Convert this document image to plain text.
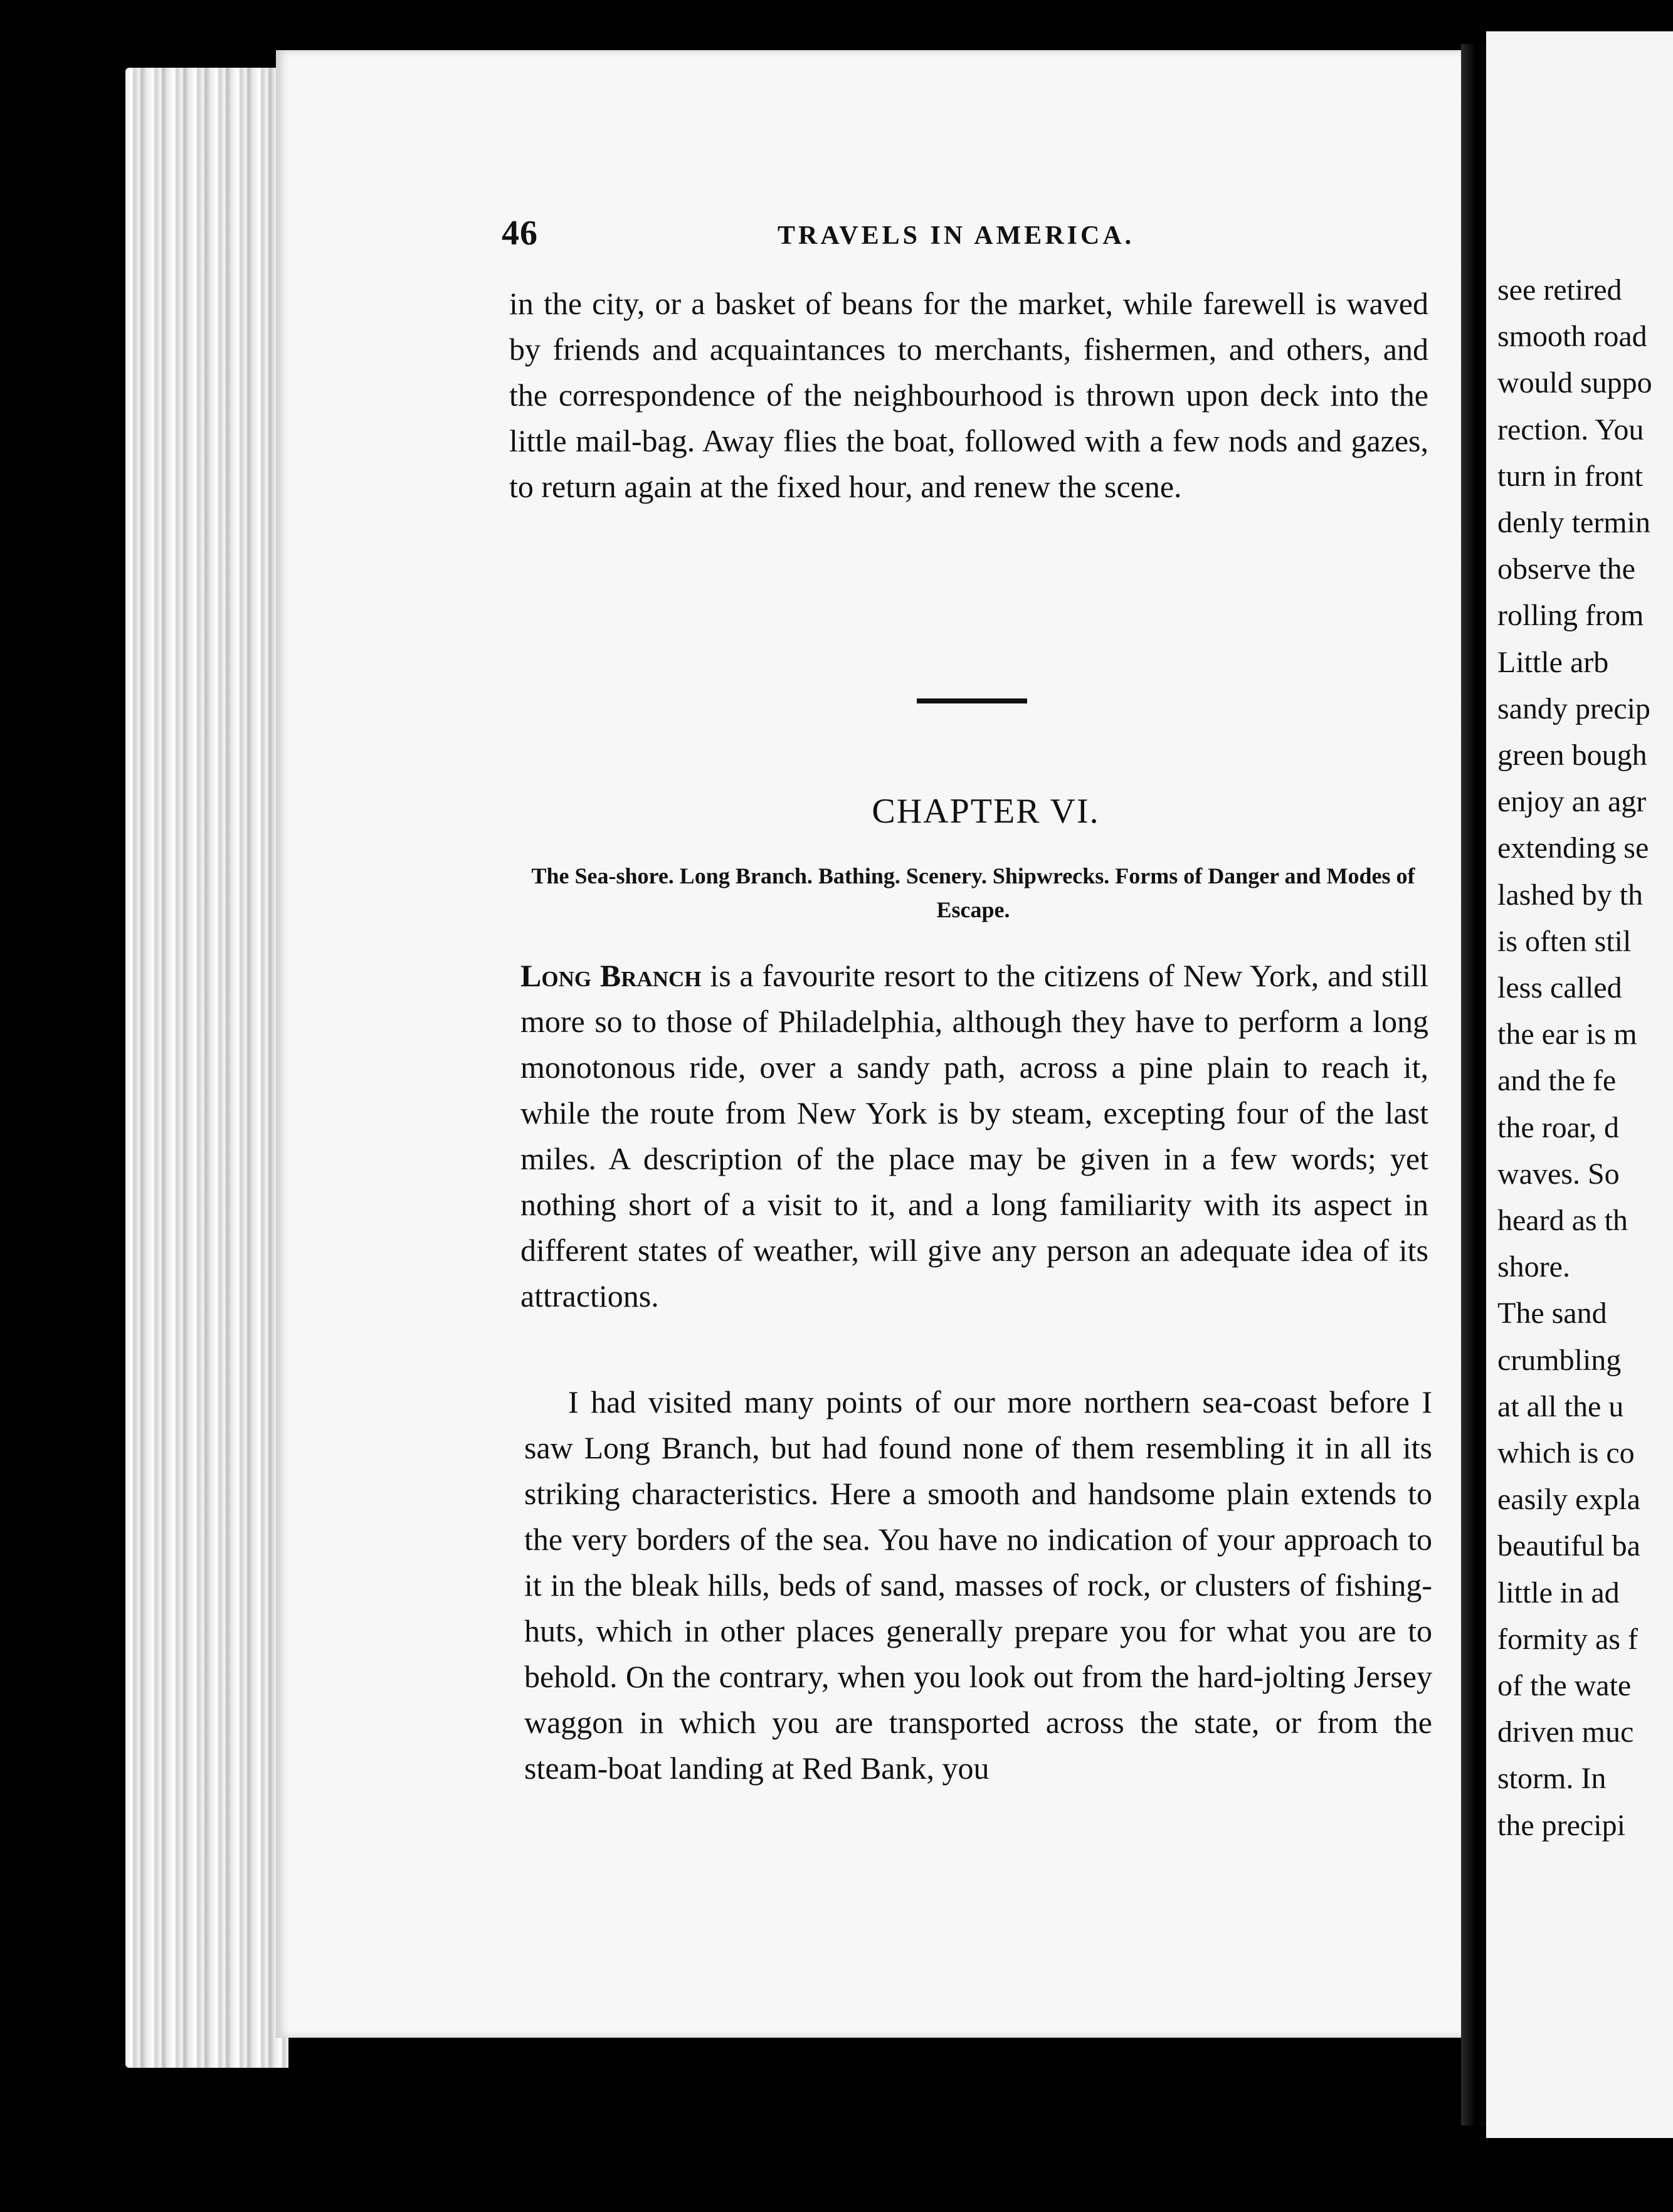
see retired
smooth road
would suppo
rection. You
turn in front
denly termin
observe the
rolling from
Little arb
sandy precip
green bough
enjoy an agr
extending se
lashed by th
is often stil
less called
the ear is m
and the fe
the roar, d
waves. So
heard as th
shore.
The sand
crumbling
at all the u
which is co
easily expla
beautiful ba
little in ad
formity as f
of the wate
driven muc
storm. In
the precipi
46	TRAVELS IN AMERICA.
in the city, or a basket of beans for the market, while farewell is waved by friends and acquaintances to merchants, fishermen, and others, and the correspondence of the neighbourhood is thrown upon deck into the little mail-bag. Away flies the boat, followed with a few nods and gazes, to return again at the fixed hour, and renew the scene.
CHAPTER VI.
The Sea-shore. Long Branch. Bathing. Scenery. Shipwrecks. Forms of Danger and Modes of Escape.
Long Branch is a favourite resort to the citizens of New York, and still more so to those of Philadelphia, although they have to perform a long monotonous ride, over a sandy path, across a pine plain to reach it, while the route from New York is by steam, excepting four of the last miles. A description of the place may be given in a few words; yet nothing short of a visit to it, and a long familiarity with its aspect in different states of weather, will give any person an adequate idea of its attractions.
I had visited many points of our more northern sea-coast before I saw Long Branch, but had found none of them resembling it in all its striking characteristics. Here a smooth and handsome plain extends to the very borders of the sea. You have no indication of your approach to it in the bleak hills, beds of sand, masses of rock, or clusters of fishing-huts, which in other places generally prepare you for what you are to behold. On the contrary, when you look out from the hard-jolting Jersey waggon in which you are transported across the state, or from the steam-boat landing at Red Bank, you
